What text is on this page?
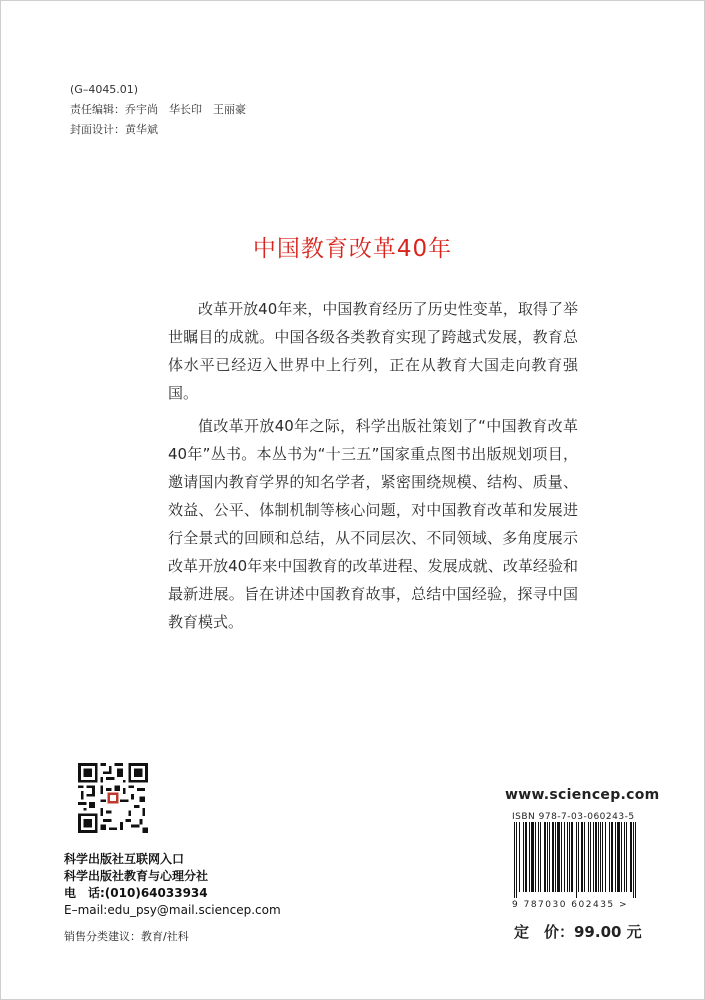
(G–4045.01)
责任编辑：乔宇尚　华长印　王丽豪
封面设计：黄华斌
中国教育改革40年

改革开放40年来，中国教育经历了历史性变革，取得了举世瞩目的成就。中国各级各类教育实现了跨越式发展，教育总体水平已经迈入世界中上行列，正在从教育大国走向教育强国。

值改革开放40年之际，科学出版社策划了“中国教育改革40年”丛书。本丛书为“十三五”国家重点图书出版规划项目，邀请国内教育学界的知名学者，紧密围绕规模、结构、质量、效益、公平、体制机制等核心问题，对中国教育改革和发展进行全景式的回顾和总结，从不同层次、不同领域、多角度展示改革开放40年来中国教育的改革进程、发展成就、改革经验和最新进展。旨在讲述中国教育故事，总结中国经验，探寻中国教育模式。

科学出版社互联网入口
科学出版社教育与心理分社
电　话:(010)64033934
E–mail:edu_psy@mail.sciencep.com
销售分类建议：教育/社科
www.sciencep.com
ISBN 978-7-03-060243-5
9 787030 602435 >
定　价：99.00 元
